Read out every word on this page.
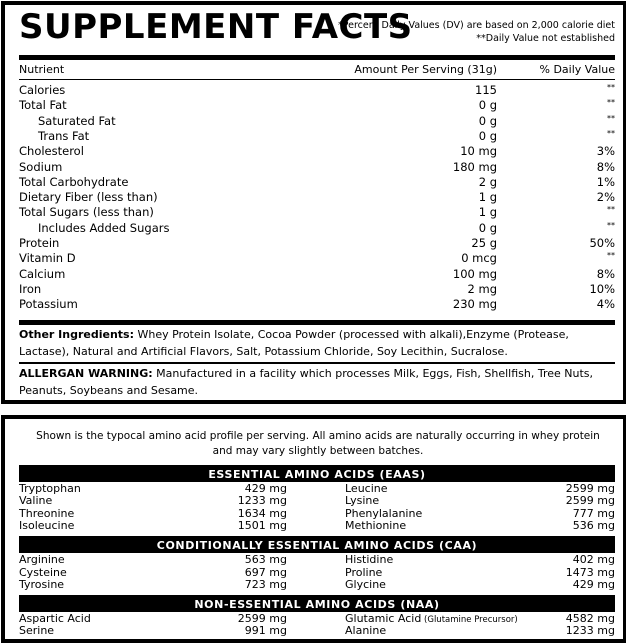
SUPPLEMENT FACTS
*Percent Daily Values (DV) are based on 2,000 calorie diet
**Daily Value not established
Nutrient	Amount Per Serving (31g)	% Daily Value
Calories	115	**
Total Fat	0 g	**
Saturated Fat	0 g	**
Trans Fat	0 g	**
Cholesterol	10 mg	3%
Sodium	180 mg	8%
Total Carbohydrate	2 g	1%
Dietary Fiber (less than)	1 g	2%
Total Sugars (less than)	1 g	**
Includes Added Sugars	0 g	**
Protein	25 g	50%
Vitamin D	0 mcg	**
Calcium	100 mg	8%
Iron	2 mg	10%
Potassium	230 mg	4%
Other Ingredients: Whey Protein Isolate, Cocoa Powder (processed with alkali),Enzyme (Protease, Lactase), Natural and Artificial Flavors, Salt, Potassium Chloride, Soy Lecithin, Sucralose.
ALLERGAN WARNING: Manufactured in a facility which processes Milk, Eggs, Fish, Shellfish, Tree Nuts, Peanuts, Soybeans and Sesame.
Shown is the typocal amino acid profile per serving. All amino acids are naturally occurring in whey protein and may vary slightly between batches.
ESSENTIAL AMINO ACIDS (EAAS)
Tryptophan	429 mg	Leucine	2599 mg
Valine	1233 mg	Lysine	2599 mg
Threonine	1634 mg	Phenylalanine	777 mg
Isoleucine	1501 mg	Methionine	536 mg
CONDITIONALLY ESSENTIAL AMINO ACIDS (CAA)
Arginine	563 mg	Histidine	402 mg
Cysteine	697 mg	Proline	1473 mg
Tyrosine	723 mg	Glycine	429 mg
NON-ESSENTIAL AMINO ACIDS (NAA)
Aspartic Acid	2599 mg	Glutamic Acid (Glutamine Precursor)	4582 mg
Serine	991 mg	Alanine	1233 mg
